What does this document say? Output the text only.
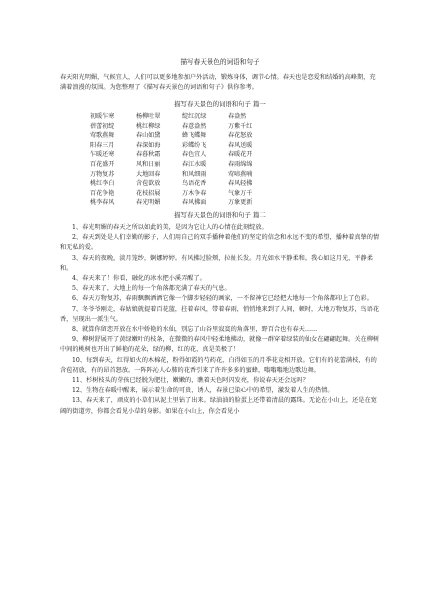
描写春天景色的词语和句子

春天阳光明媚，气候宜人，人们可以更多地参加户外活动，锻炼身体，调节心情。春天也是恋爱和结婚的高峰期，充满着浪漫的氛围。为您整理了《描写春天景色的词语和句子》供你参考。

描写春天景色的词语和句子 篇一
初暖乍寒	杨柳吐翠	绽红沉绿	春盎然
蓓蕾初绽	桃红柳绿	春意盎然	万紫千红
莺歌燕舞	春山如黛	蜂飞蝶舞	春花怒放
阳春三月	春深如海	彩蝶纷飞	春风送暖
乍暖还寒	春暮秋霜	春色宜人	春暖花开
百花盛开	风和日丽	春江水暖	春雨绵绵
万物复苏	大地回春	和风细雨	莺啼燕喃
桃红李白	含苞欲放	鸟语花香	春风轻拂
百花争艳	花枝招展	万木争春	气象万千
桃李春风	春光明媚	春风拂面	万象更新
描写春天景色的词语和句子 篇二

1、春光明媚的春天之所以如此的美，是因为它让人的心情在此刻绽放。

2、春天到处是人们幸勤的影子，人们用自己的双手播种着他们的坚定的信念和永远不变的希望，播种着真挚的情和无私的爱。

3、春天的夜晚，淡月笼纱，婀娜婷婷。有风拂过脸颊，拉扯长发。月光如水平静柔和。我心如这月光，平静柔和。

4、春天来了！你看，融化的冰水把小溪弄醒了。

5、春天来了，大地上的每一个角落都充满了春天的气息。

6、春天万物复苏，春雨飘飘洒洒它像一个脚步轻轻的画家，一不留神它已经把大地每一个角落都印上了色彩。

7、冬爷爷刚走，春姑娘就提着百花篮，拄着春风，带着春雨，悄悄地来到了人间，顿时，大地万物复苏，鸟语花香，呈现出一派生气。

8、就算你留恋开放在水中娇艳的水仙，别忘了山谷里寂寞的角落里，野百合也有春天……

9、柳树舒展开了黄绿嫩叶的枝条，在微微的春风中轻柔地拂动，就像一群穿着绿装的仙女在翩翩起舞。关在柳树中间的桃树也开出了鲜艳的花朵，绿的柳，红的花，真是美极了！

10、每到春天，红得如火的木棉花，粉得如霞的芍药花，白得如玉的月季花竞相开放。它们有的花蕾满枝，有的含苞初放，有的昂首怒放。一阵阵沁人心肺的花香引来了许许多多的蜜蜂，嗡嗡嗡地边歌边舞。

11、杉树枝头的芽孩已经脱为肥壮，嫩嫩的，瞧着天色阿闪发亮，你说春天还会远吗？

12、生物在春暖中醒来，展示着生命的可贵，诱人，春景已染心中的希望，激发着人生的热情。

13、春天来了，顽皮的小草们从泥土里钻了出来。绿油油的脸蛋上还带着清晨的露珠。无论在小山上，还是在宽阔的街道旁，你都会看见小草的身影。如果在小山上，你会看见小
